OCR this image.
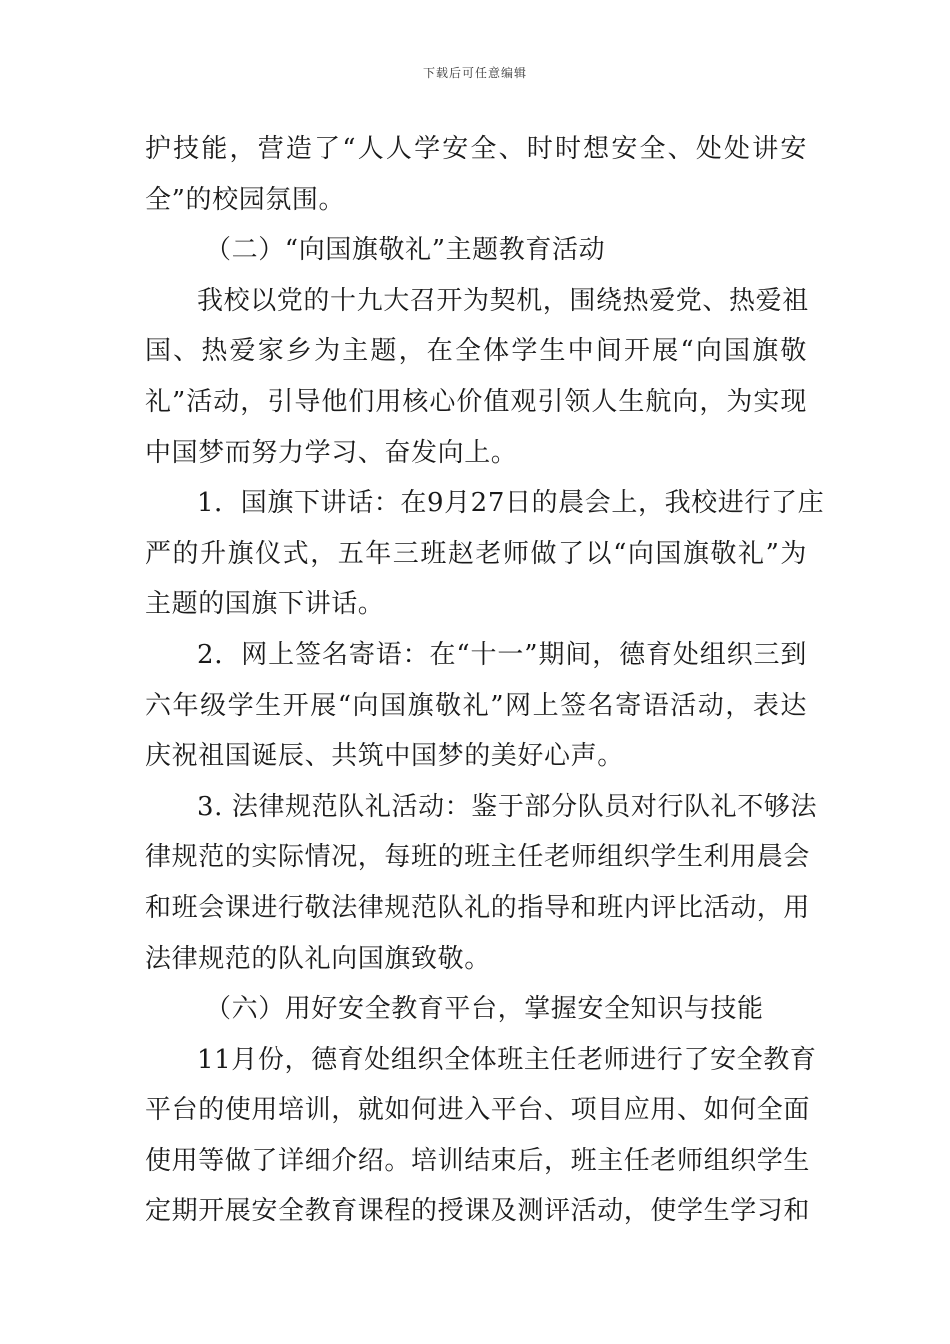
下载后可任意编辑
护技能，营造了“人人学安全、时时想安全、处处讲安
全”的校园氛围。
（二）“向国旗敬礼”主题教育活动
我校以党的十九大召开为契机，围绕热爱党、热爱祖
国、热爱家乡为主题，在全体学生中间开展“向国旗敬
礼”活动，引导他们用核心价值观引领人生航向，为实现
中国梦而努力学习、奋发向上。
1．国旗下讲话：在9月27日的晨会上，我校进行了庄
严的升旗仪式，五年三班赵老师做了以“向国旗敬礼”为
主题的国旗下讲话。
2．网上签名寄语：在“十一”期间，德育处组织三到
六年级学生开展“向国旗敬礼”网上签名寄语活动，表达
庆祝祖国诞辰、共筑中国梦的美好心声。
3. 法律规范队礼活动：鉴于部分队员对行队礼不够法
律规范的实际情况，每班的班主任老师组织学生利用晨会
和班会课进行敬法律规范队礼的指导和班内评比活动，用
法律规范的队礼向国旗致敬。
（六）用好安全教育平台，掌握安全知识与技能
11月份，德育处组织全体班主任老师进行了安全教育
平台的使用培训，就如何进入平台、项目应用、如何全面
使用等做了详细介绍。培训结束后，班主任老师组织学生
定期开展安全教育课程的授课及测评活动，使学生学习和
